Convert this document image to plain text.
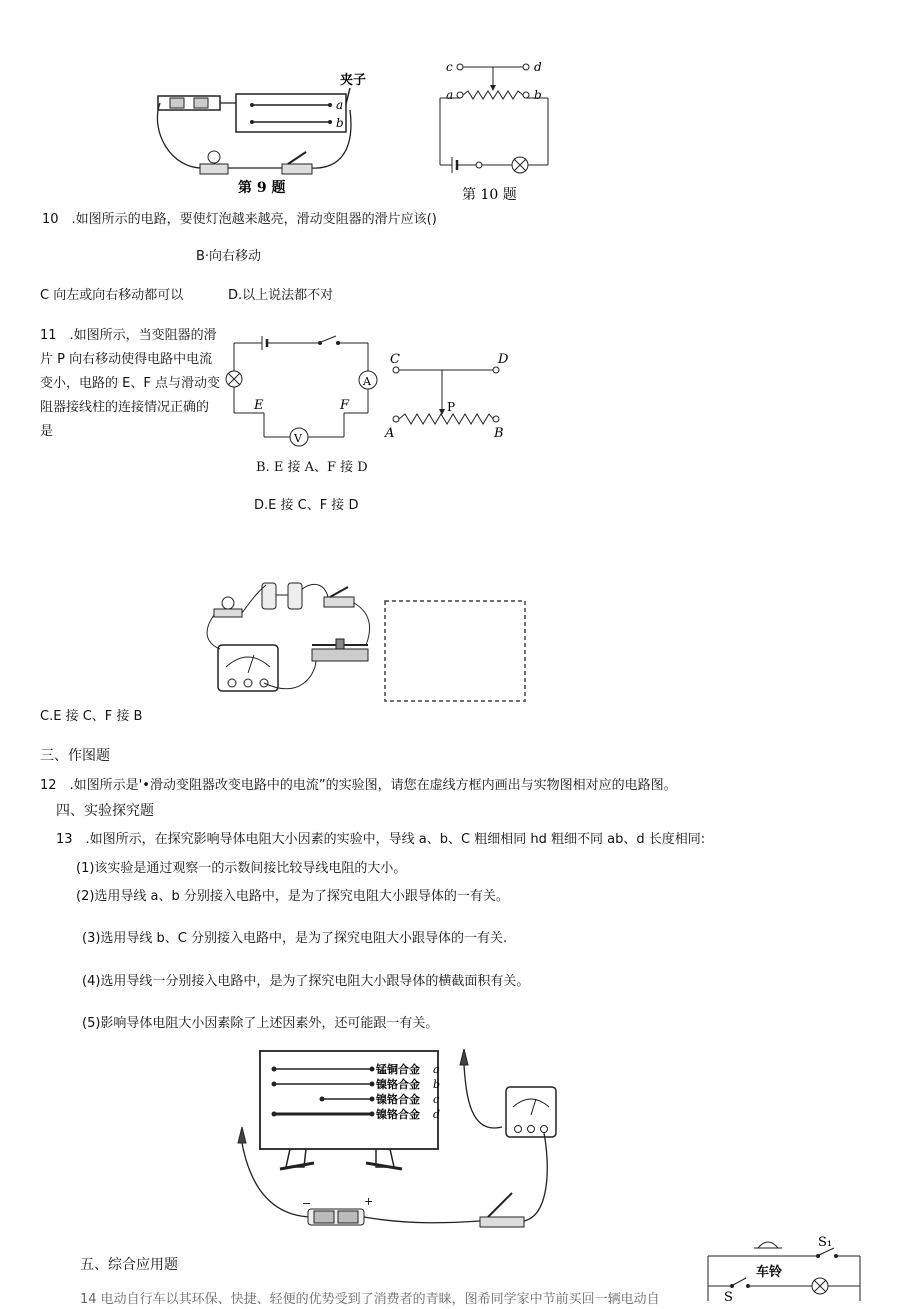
a
b
夹子
第 9 题
c	d
a	b
第 10 题
10　.如图所示的电路，要使灯泡越来越亮，滑动变阻器的滑片应该()
B·向右移动
C 向左或向右移动都可以	D.以上说法都不对
11　.如图所示，当变阻器的滑片 P 向右移动使得电路中电流变小，电路的 E、F 点与滑动变阻器接线柱的连接情况正确的是
A
E	F
V
C	D
P
A	B
B. E 接 A、F 接 D
D.E 接 C、F 接 D
C.E 接 C、F 接 B
三、作图题
12　.如图所示是'•滑动变阻器改变电路中的电流”的实验图，请您在虚线方框内画出与实物图相对应的电路图。
四、实验探究题
13　.如图所示，在探究影响导体电阻大小因素的实验中，导线 a、b、C 粗细相同 hd 粗细不同 ab、d 长度相同:
(1)该实验是通过观察一的示数间接比较导线电阻的大小。
(2)选用导线 a、b 分别接入电路中，是为了探究电阻大小跟导体的一有关。
(3)选用导线 b、C 分别接入电路中，是为了探究电阻大小跟导体的一有关.
(4)选用导线一分别接入电路中，是为了探究电阻大小跟导体的横截面积有关。
(5)影响导体电阻大小因素除了上述因素外，还可能跟一有关。
锰铜合金
镍铬合金
镍铬合金
镍铬合金
a
b
c
d
−	+
五、综合应用题
14 电动自行车以其环保、快捷、轻便的优势受到了消费者的青睐，图希同学家中节前买回一辆电动自
S₁
车铃
S
